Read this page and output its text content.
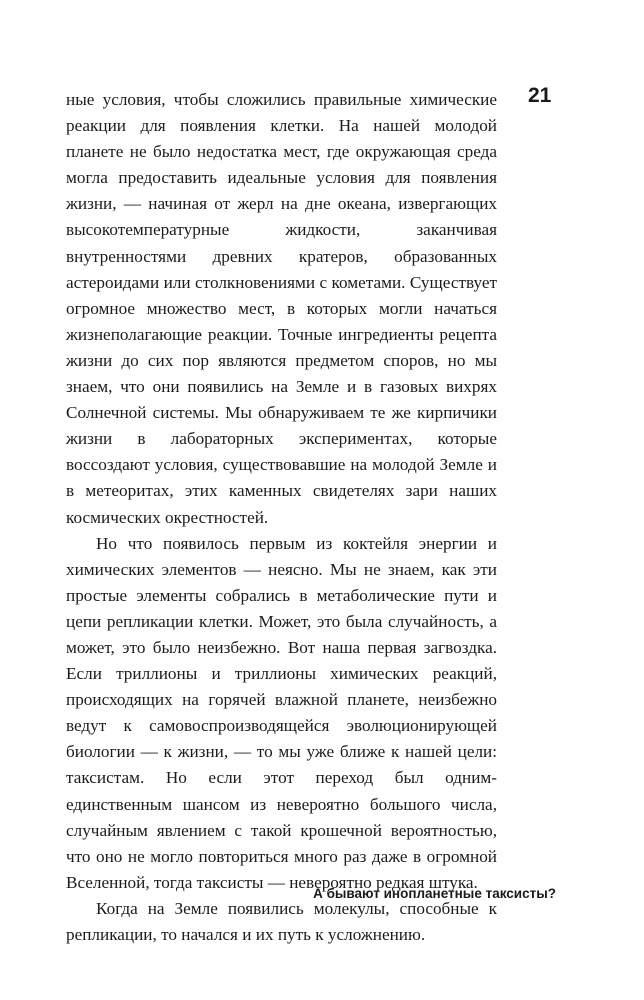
21

ные условия, чтобы сложились правильные химические реакции для появления клетки. На нашей молодой планете не было недостатка мест, где окружающая среда могла предоставить идеальные условия для появления жизни, — начиная от жерл на дне океана, извергающих высокотемпературные жидкости, заканчивая внутренностями древних кратеров, образованных астероидами или столкновениями с кометами. Существует огромное множество мест, в которых могли начаться жизнеполагающие реакции. Точные ингредиенты рецепта жизни до сих пор являются предметом споров, но мы знаем, что они появились на Земле и в газовых вихрях Солнечной системы. Мы обнаруживаем те же кирпичики жизни в лабораторных экспериментах, которые воссоздают условия, существовавшие на молодой Земле и в метеоритах, этих каменных свидетелях зари наших космических окрестностей.

Но что появилось первым из коктейля энергии и химических элементов — неясно. Мы не знаем, как эти простые элементы собрались в метаболические пути и цепи репликации клетки. Может, это была случайность, а может, это было неизбежно. Вот наша первая загвоздка. Если триллионы и триллионы химических реакций, происходящих на горячей влажной планете, неизбежно ведут к самовоспроизводящейся эволюционирующей биологии — к жизни, — то мы уже ближе к нашей цели: таксистам. Но если этот переход был одним-единственным шансом из невероятно большого числа, случайным явлением с такой крошечной вероятностью, что оно не могло повториться много раз даже в огромной Вселенной, тогда таксисты — невероятно редкая штука.

Когда на Земле появились молекулы, способные к репликации, то начался и их путь к усложнению.

А бывают инопланетные таксисты?
